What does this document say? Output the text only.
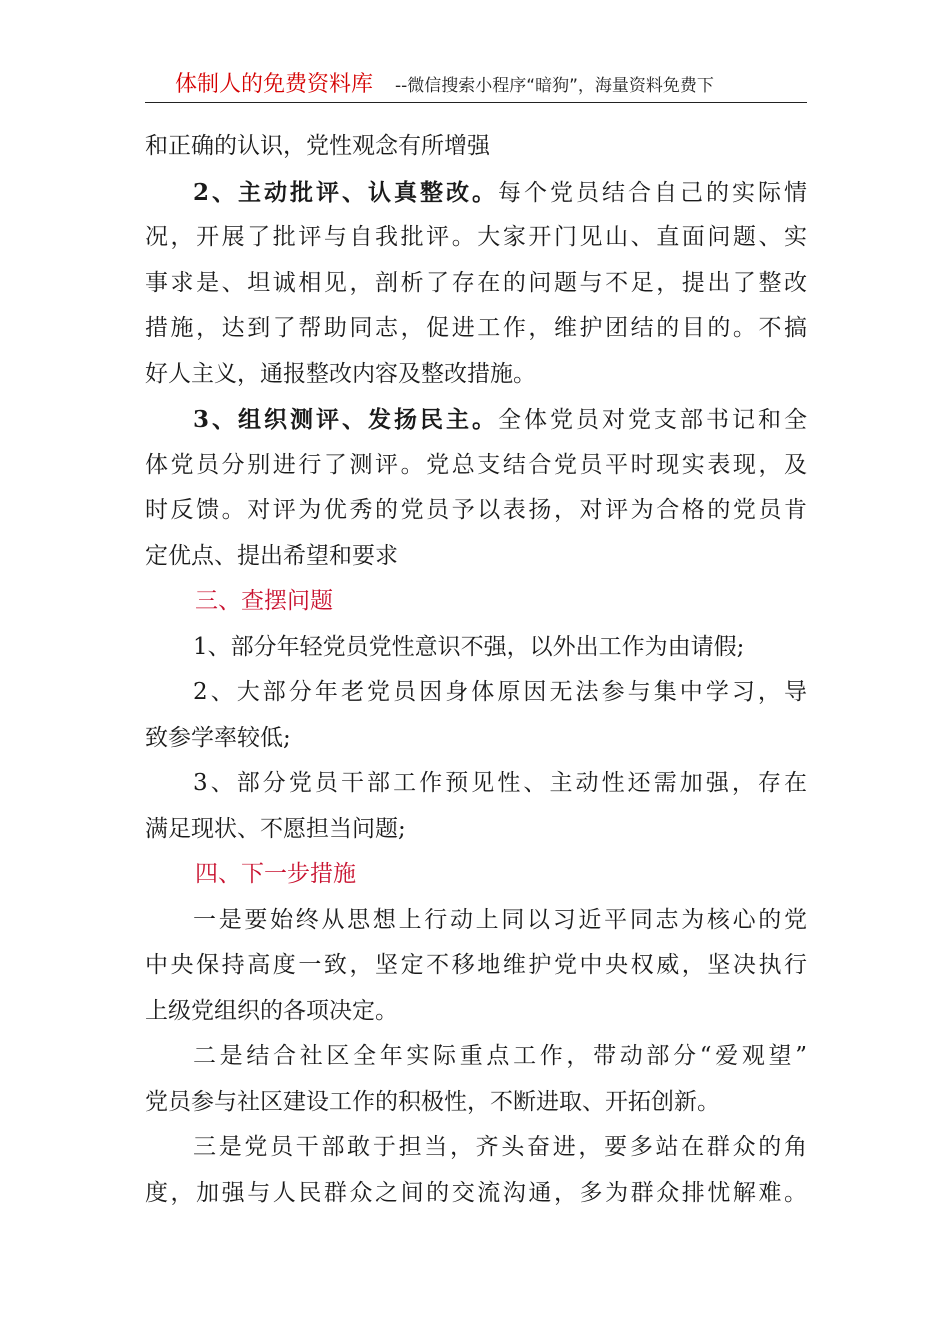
体制人的免费资料库 --微信搜索小程序“暗狗”，海量资料免费下
和正确的认识，党性观念有所增强
2、主动批评、认真整改。每个党员结合自己的实际情
况，开展了批评与自我批评。大家开门见山、直面问题、实
事求是、坦诚相见，剖析了存在的问题与不足，提出了整改
措施，达到了帮助同志，促进工作，维护团结的目的。不搞
好人主义，通报整改内容及整改措施。
3、组织测评、发扬民主。全体党员对党支部书记和全
体党员分别进行了测评。党总支结合党员平时现实表现，及
时反馈。对评为优秀的党员予以表扬，对评为合格的党员肯
定优点、提出希望和要求
三、查摆问题
1、部分年轻党员党性意识不强，以外出工作为由请假;
2、大部分年老党员因身体原因无法参与集中学习，导
致参学率较低;
3、部分党员干部工作预见性、主动性还需加强，存在
满足现状、不愿担当问题;
四、下一步措施
一是要始终从思想上行动上同以习近平同志为核心的党
中央保持高度一致，坚定不移地维护党中央权威，坚决执行
上级党组织的各项决定。
二是结合社区全年实际重点工作，带动部分“爱观望”
党员参与社区建设工作的积极性，不断进取、开拓创新。
三是党员干部敢于担当，齐头奋进，要多站在群众的角
度，加强与人民群众之间的交流沟通，多为群众排忧解难。
